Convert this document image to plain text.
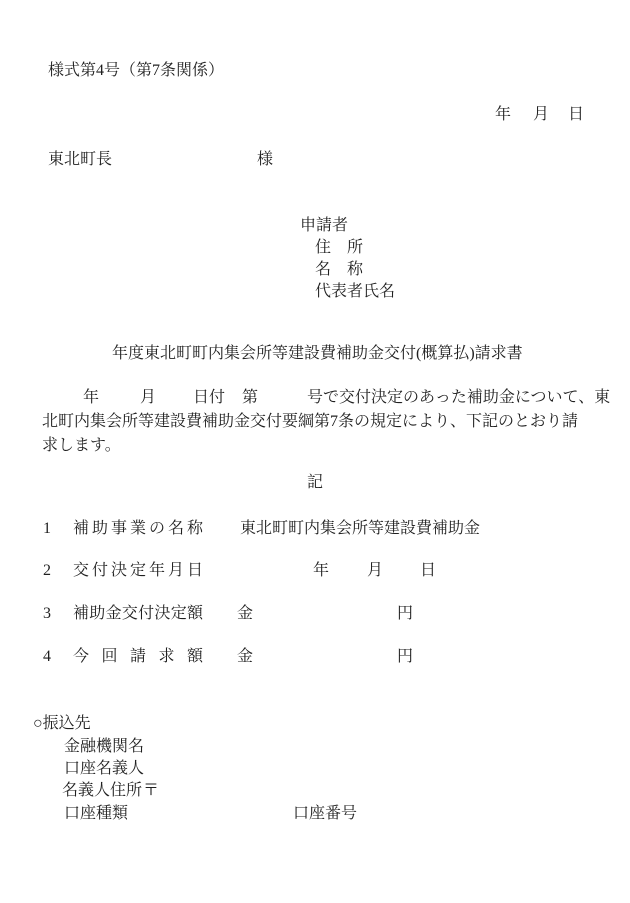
様式第4号（第7条関係）
年 月 日
東北町長	様
申請者
住　所
名　称
代表者氏名
年度東北町町内集会所等建設費補助金交付(概算払)請求書
年	月 日付 第	号で交付決定のあった補助金について、東
北町内集会所等建設費補助金交付要綱第7条の規定により、下記のとおり請
求します。
記
1 補助事業の名称 東北町町内集会所等建設費補助金
2 交付決定年月日	年 月 日
3 補助金交付決定額 金	円
4 今回請求額 金	円
○振込先
金融機関名
口座名義人
名義人住所 〒
口座種類	口座番号
